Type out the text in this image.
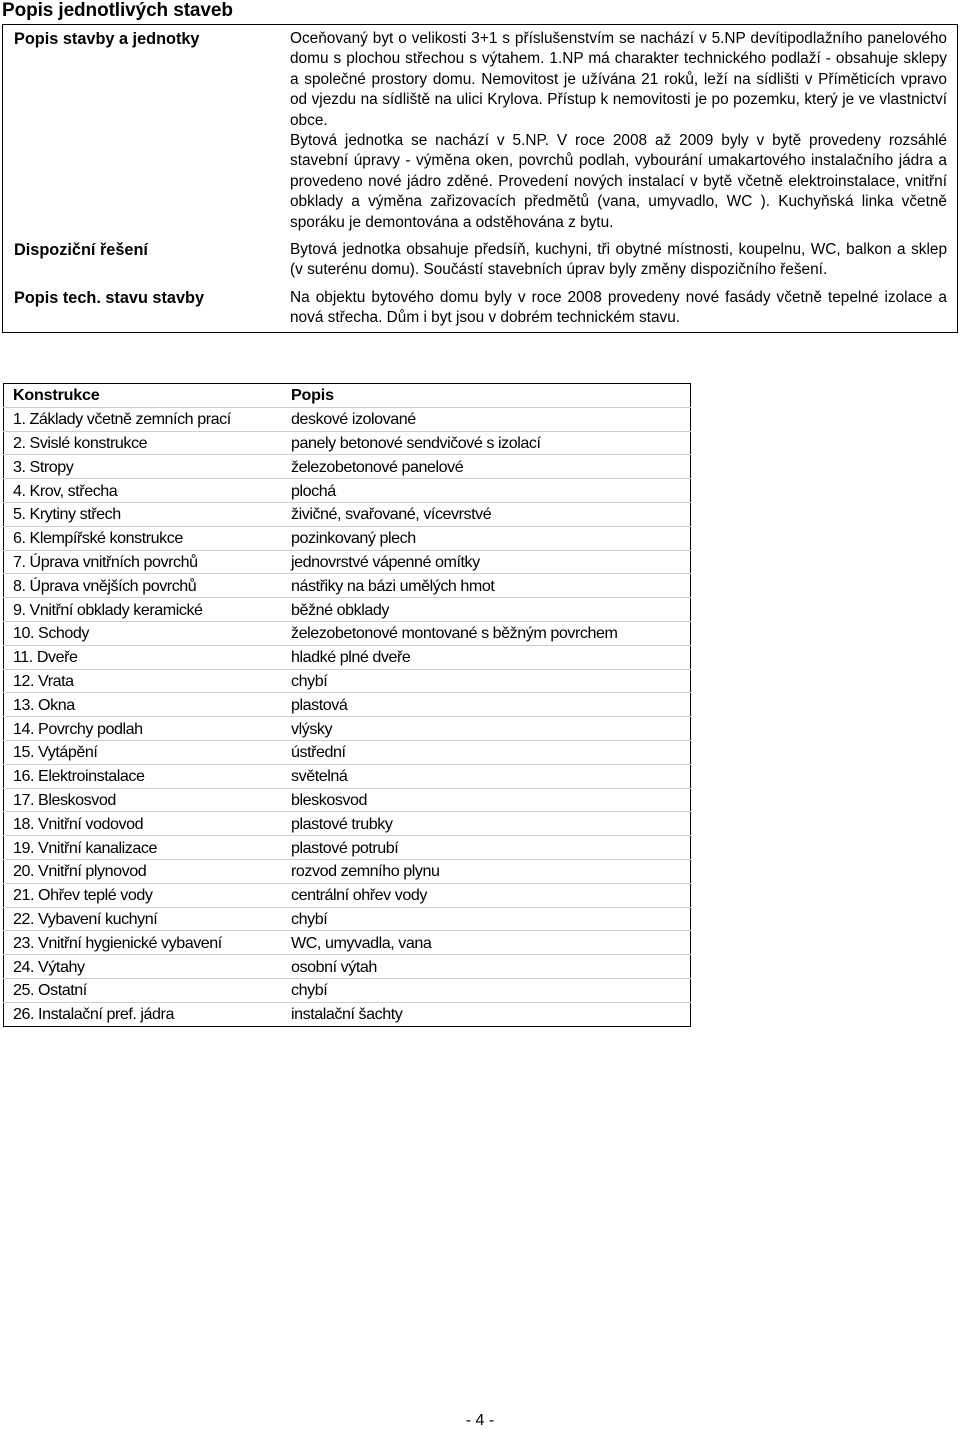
Popis jednotlivých staveb
Popis stavby a jednotky	Oceňovaný byt o velikosti 3+1 s příslušenstvím se nachází v 5.NP devítipodlažního panelového domu s plochou střechou s výtahem. 1.NP má charakter technického podlaží - obsahuje sklepy a společné prostory domu. Nemovitost je užívána 21 roků, leží na sídlišti v Příměticích vpravo od vjezdu na sídliště na ulici Krylova. Přístup k nemovitosti je po pozemku, který je ve vlastnictví obce.

Bytová jednotka se nachází v 5.NP. V roce 2008 až 2009 byly v bytě provedeny rozsáhlé stavební úpravy - výměna oken, povrchů podlah, vybourání umakartového instalačního jádra a provedeno nové jádro zděné. Provedení nových instalací v bytě včetně elektroinstalace, vnitřní obklady a výměna zařizovacích předmětů (vana, umyvadlo, WC ). Kuchyňská linka včetně sporáku je demontována a odstěhována z bytu.

Dispoziční řešení	Bytová jednotka obsahuje předsíň, kuchyni, tři obytné místnosti, koupelnu, WC, balkon a sklep (v suterénu domu). Součástí stavebních úprav byly změny dispozičního řešení.

Popis tech. stavu stavby	Na objektu bytového domu byly v roce 2008 provedeny nové fasády včetně tepelné izolace a nová střecha. Dům i byt jsou v dobrém technickém stavu.

Konstrukce	Popis
1. Základy včetně zemních prací	deskové izolované
2. Svislé konstrukce	panely betonové sendvičové s izolací
3. Stropy	železobetonové panelové
4. Krov, střecha	plochá
5. Krytiny střech	živičné, svařované, vícevrstvé
6. Klempířské konstrukce	pozinkovaný plech
7. Úprava vnitřních povrchů	jednovrstvé vápenné omítky
8. Úprava vnějších povrchů	nástřiky na bázi umělých hmot
9. Vnitřní obklady keramické	běžné obklady
10. Schody	železobetonové montované s běžným povrchem
11. Dveře	hladké plné dveře
12. Vrata	chybí
13. Okna	plastová
14. Povrchy podlah	vlýsky
15. Vytápění	ústřední
16. Elektroinstalace	světelná
17. Bleskosvod	bleskosvod
18. Vnitřní vodovod	plastové trubky
19. Vnitřní kanalizace	plastové potrubí
20. Vnitřní plynovod	rozvod zemního plynu
21. Ohřev teplé vody	centrální ohřev vody
22. Vybavení kuchyní	chybí
23. Vnitřní hygienické vybavení	WC, umyvadla, vana
24. Výtahy	osobní výtah
25. Ostatní	chybí
26. Instalační pref. jádra	instalační šachty
- 4 -
